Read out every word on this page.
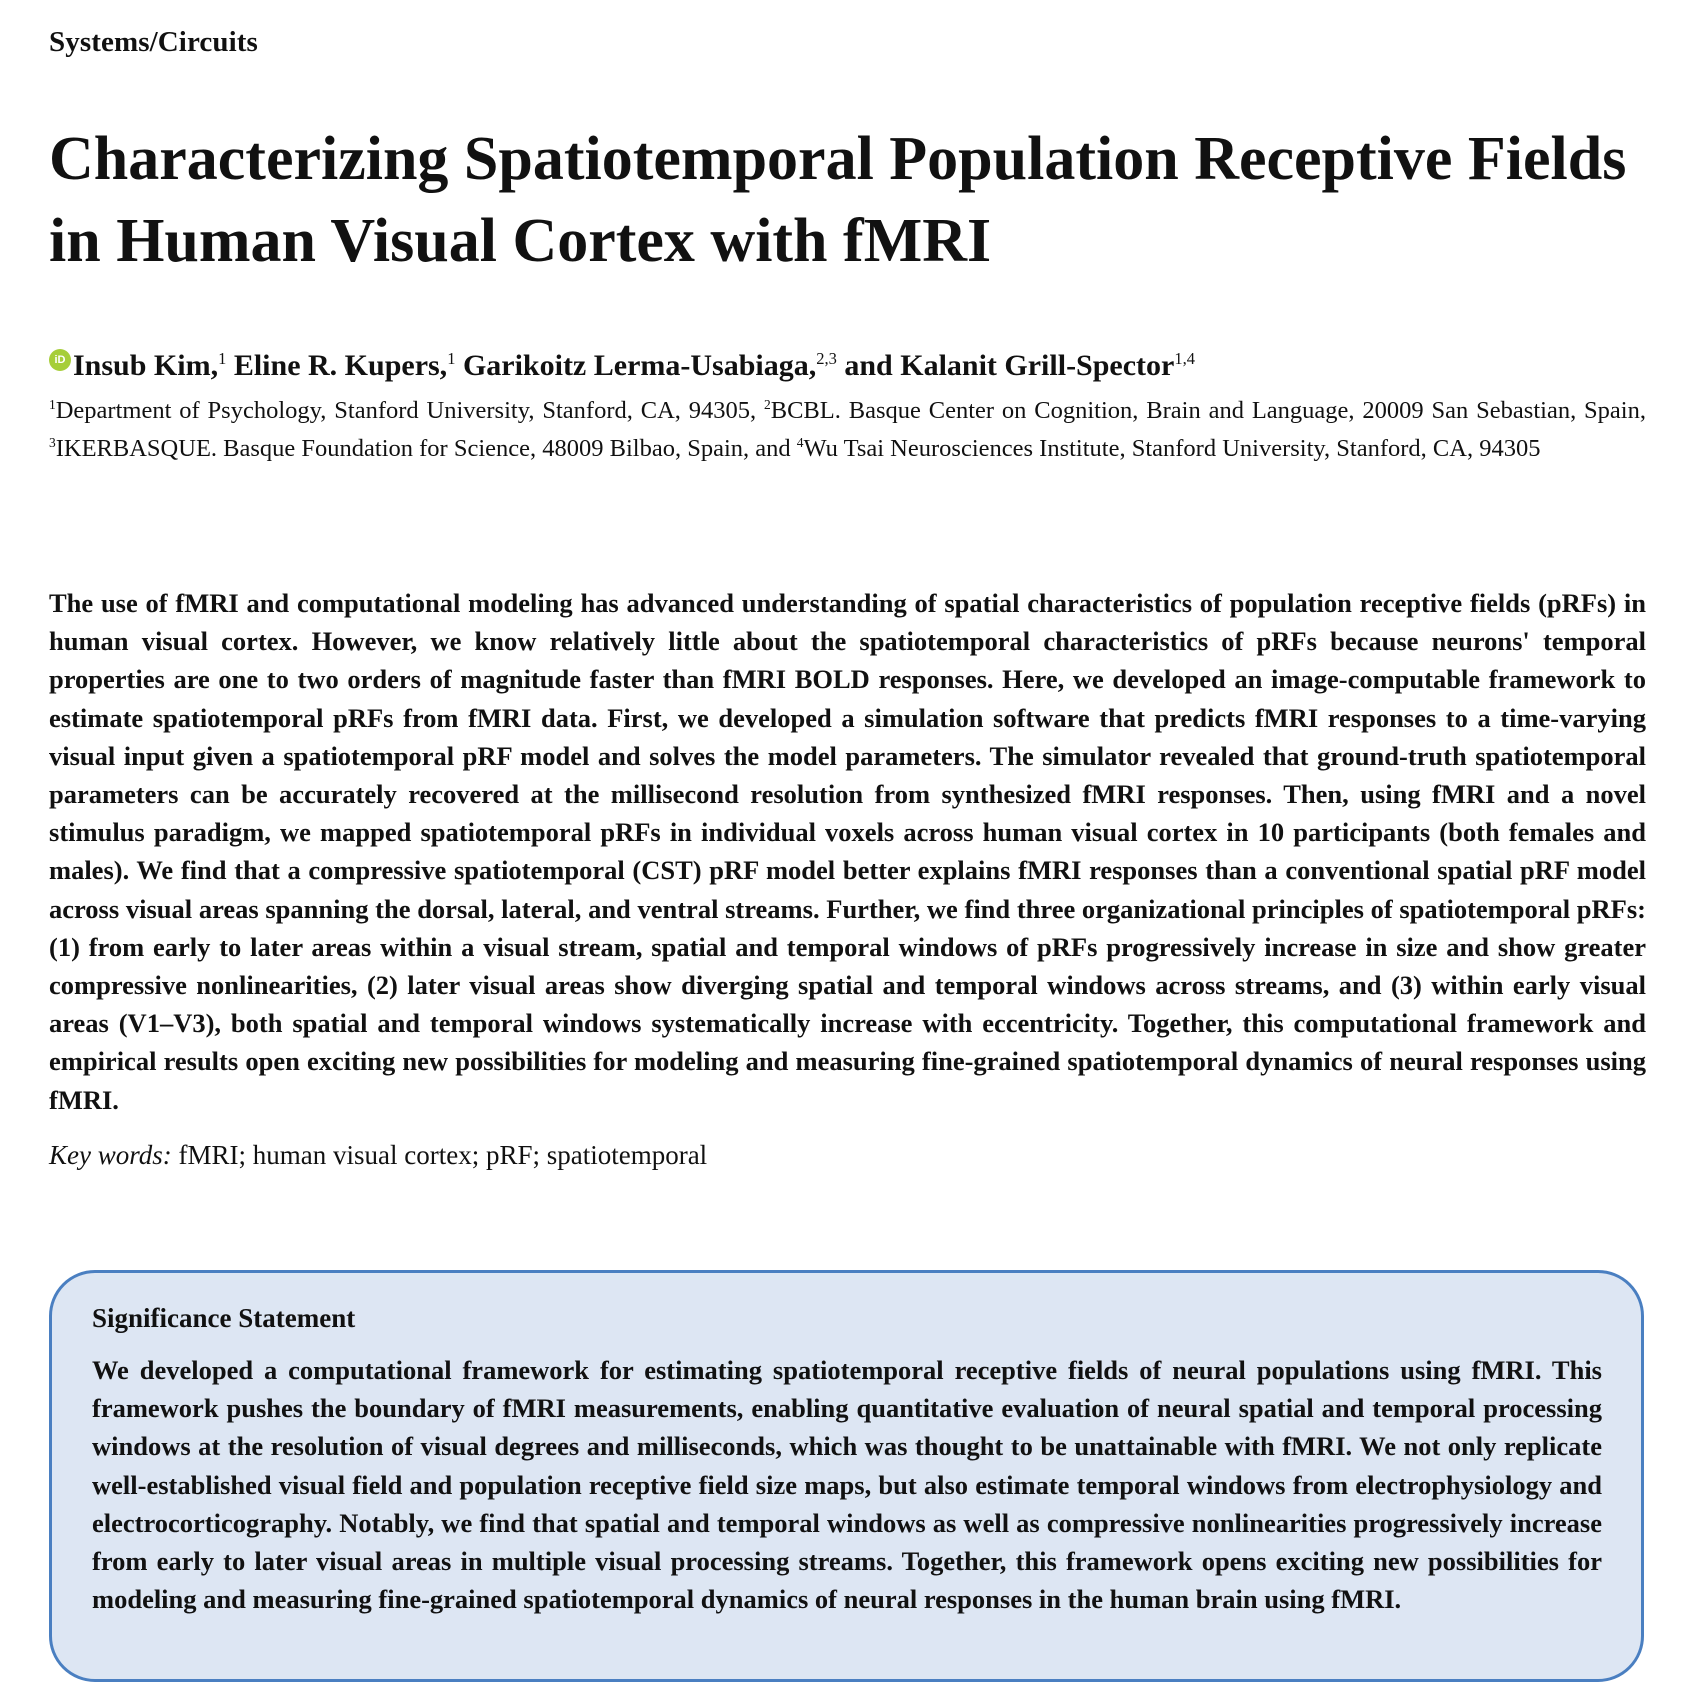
Systems/Circuits
Characterizing Spatiotemporal Population Receptive Fields
in Human Visual Cortex with fMRI
iD Insub Kim,$^1$ Eline R. Kupers,$^1$ Garikoitz Lerma-Usabiaga,$^{2,3}$ and Kalanit Grill-Spector$^{1,4}$
$^1$Department of Psychology, Stanford University, Stanford, CA, 94305, $^2$BCBL. Basque Center on Cognition, Brain and Language, 20009 San Sebastian, Spain, $^3$IKERBASQUE. Basque Foundation for Science, 48009 Bilbao, Spain, and $^4$Wu Tsai Neurosciences Institute, Stanford University, Stanford, CA, 94305

The use of fMRI and computational modeling has advanced understanding of spatial characteristics of population receptive fields (pRFs) in human visual cortex. However, we know relatively little about the spatiotemporal characteristics of pRFs because neurons' temporal properties are one to two orders of magnitude faster than fMRI BOLD responses. Here, we developed an image-computable framework to estimate spatiotemporal pRFs from fMRI data. First, we developed a simulation software that predicts fMRI responses to a time-varying visual input given a spatiotemporal pRF model and solves the model parameters. The simulator revealed that ground-truth spatiotemporal parameters can be accurately recovered at the millisecond resolution from synthesized fMRI responses. Then, using fMRI and a novel stimulus paradigm, we mapped spatiotemporal pRFs in individual voxels across human visual cortex in 10 participants (both females and males). We find that a compressive spatiotemporal (CST) pRF model better explains fMRI responses than a conventional spatial pRF model across visual areas spanning the dorsal, lateral, and ventral streams. Further, we find three organizational principles of spatiotemporal pRFs: (1) from early to later areas within a visual stream, spatial and temporal windows of pRFs progressively increase in size and show greater compressive nonlinearities, (2) later visual areas show diverging spatial and temporal windows across streams, and (3) within early visual areas (V1–V3), both spatial and temporal windows systematically increase with eccentricity. Together, this computational framework and empirical results open exciting new possibilities for modeling and measuring fine-grained spatiotemporal dynamics of neural responses using fMRI.

Key words: fMRI; human visual cortex; pRF; spatiotemporal
Significance Statement

We developed a computational framework for estimating spatiotemporal receptive fields of neural populations using fMRI. This framework pushes the boundary of fMRI measurements, enabling quantitative evaluation of neural spatial and temporal processing windows at the resolution of visual degrees and milliseconds, which was thought to be unattainable with fMRI. We not only replicate well-established visual field and population receptive field size maps, but also estimate temporal windows from electrophysiology and electrocorticography. Notably, we find that spatial and temporal windows as well as compressive nonlinearities progressively increase from early to later visual areas in multiple visual processing streams. Together, this framework opens exciting new possibilities for modeling and measuring fine-grained spatiotemporal dynamics of neural responses in the human brain using fMRI.
